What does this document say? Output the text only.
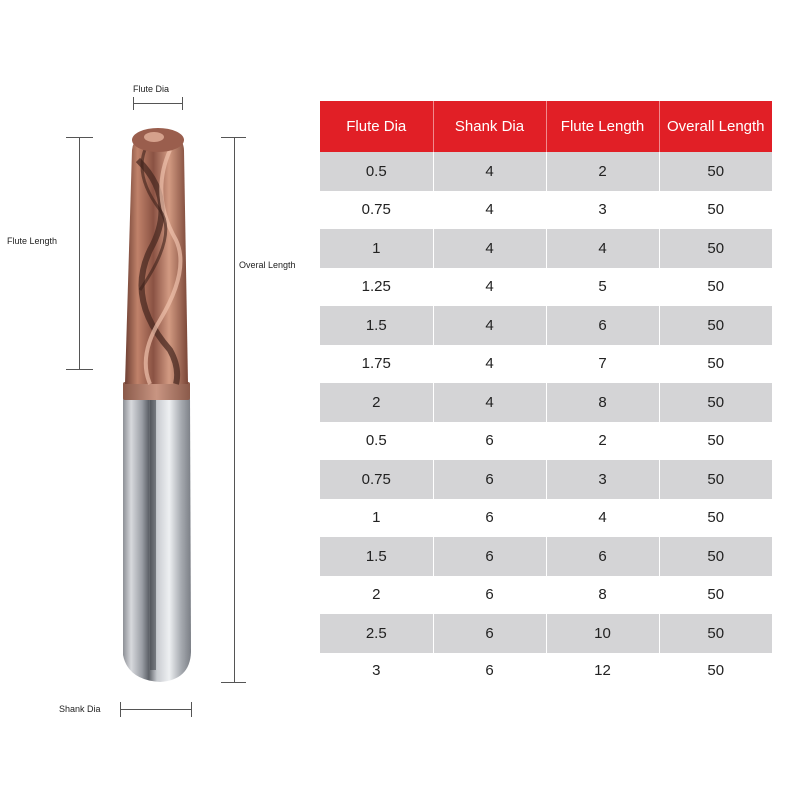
Flute Dia
Flute Length
Overal Length
Shank Dia
Flute Dia	Shank Dia	Flute Length	Overall Length
0.5	4	2	50
0.75	4	3	50
1	4	4	50
1.25	4	5	50
1.5	4	6	50
1.75	4	7	50
2	4	8	50
0.5	6	2	50
0.75	6	3	50
1	6	4	50
1.5	6	6	50
2	6	8	50
2.5	6	10	50
3	6	12	50
